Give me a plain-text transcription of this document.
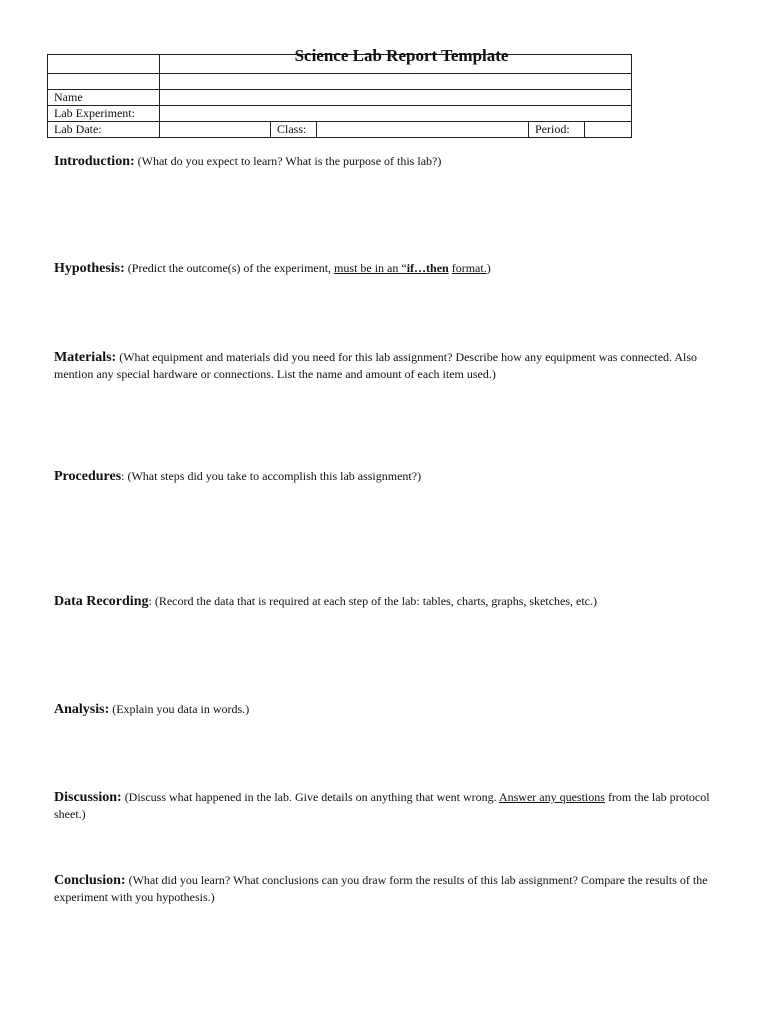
	Science Lab Report Template				

Name					
Lab Experiment:					
Lab Date:		Class:		Period:	
Introduction: (What do you expect to learn? What is the purpose of this lab?)
Hypothesis: (Predict the outcome(s) of the experiment, must be in an “if…then format.)
Materials: (What equipment and materials did you need for this lab assignment? Describe how any equipment was connected. Also mention any special hardware or connections. List the name and amount of each item used.)
Procedures: (What steps did you take to accomplish this lab assignment?)
Data Recording: (Record the data that is required at each step of the lab: tables, charts, graphs, sketches, etc.)
Analysis: (Explain you data in words.)
Discussion: (Discuss what happened in the lab. Give details on anything that went wrong. Answer any questions from the lab protocol sheet.)
Conclusion: (What did you learn? What conclusions can you draw form the results of this lab assignment? Compare the results of the experiment with you hypothesis.)
